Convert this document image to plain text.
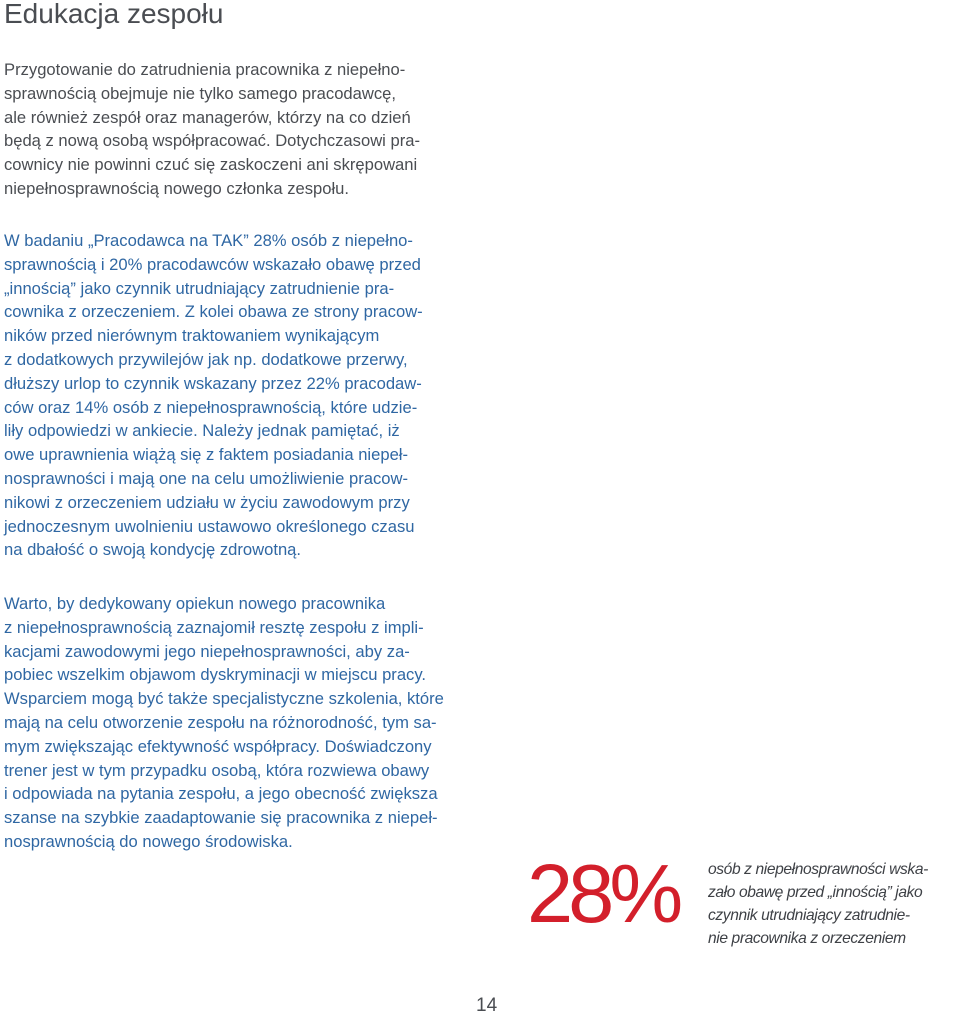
Edukacja zespołu

Przygotowanie do zatrudnienia pracownika z niepełno-
sprawnością obejmuje nie tylko samego pracodawcę,
ale również zespół oraz managerów, którzy na co dzień
będą z nową osobą współpracować. Dotychczasowi pra-
cownicy nie powinni czuć się zaskoczeni ani skrępowani
niepełnosprawnością nowego członka zespołu.

W badaniu „Pracodawca na TAK” 28% osób z niepełno-
sprawnością i 20% pracodawców wskazało obawę przed
„innością” jako czynnik utrudniający zatrudnienie pra-
cownika z orzeczeniem. Z kolei obawa ze strony pracow-
ników przed nierównym traktowaniem wynikającym
z dodatkowych przywilejów jak np. dodatkowe przerwy,
dłuższy urlop to czynnik wskazany przez 22% pracodaw-
ców oraz 14% osób z niepełnosprawnością, które udzie-
liły odpowiedzi w ankiecie. Należy jednak pamiętać, iż
owe uprawnienia wiążą się z faktem posiadania niepeł-
nosprawności i mają one na celu umożliwienie pracow-
nikowi z orzeczeniem udziału w życiu zawodowym przy
jednoczesnym uwolnieniu ustawowo określonego czasu
na dbałość o swoją kondycję zdrowotną.

Warto, by dedykowany opiekun nowego pracownika
z niepełnosprawnością zaznajomił resztę zespołu z impli-
kacjami zawodowymi jego niepełnosprawności, aby za-
pobiec wszelkim objawom dyskryminacji w miejscu pracy.
Wsparciem mogą być także specjalistyczne szkolenia, które
mają na celu otworzenie zespołu na różnorodność, tym sa-
mym zwiększając efektywność współpracy. Doświadczony
trener jest w tym przypadku osobą, która rozwiewa obawy
i odpowiada na pytania zespołu, a jego obecność zwiększa
szanse na szybkie zaadaptowanie się pracownika z niepeł-
nosprawnością do nowego środowiska.

28% osób z niepełnosprawności wska-
zało obawę przed „innością” jako
czynnik utrudniający zatrudnie-
nie pracownika z orzeczeniem

14
